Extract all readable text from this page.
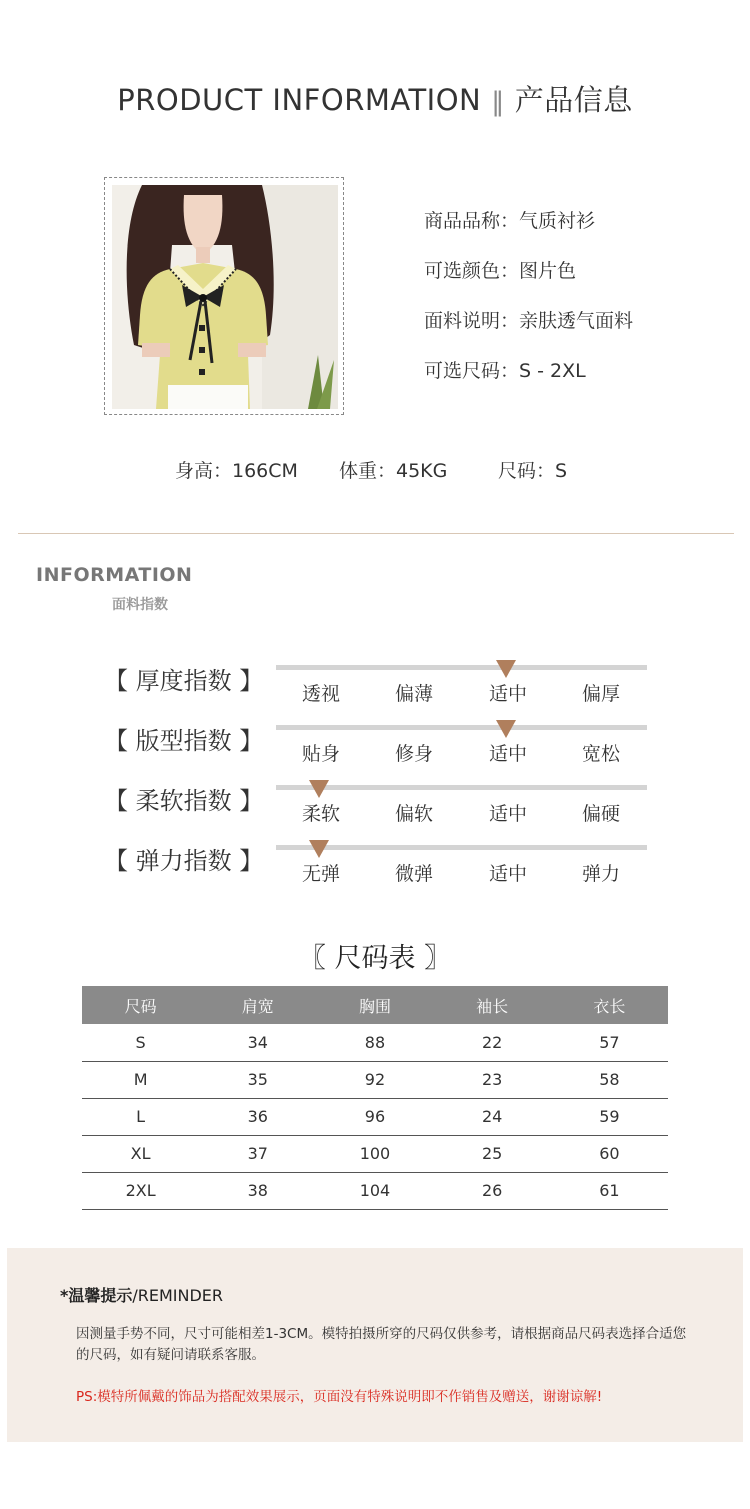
PRODUCT INFORMATION ‖ 产品信息
商品品称：气质衬衫
可选颜色：图片色
面料说明：亲肤透气面料
可选尺码：S - 2XL
身高：166CM 体重：45KG	尺码：S
INFORMATION
面料指数
【 厚度指数 】 透视	偏薄	适中	偏厚
【 版型指数 】 贴身	修身	适中	宽松
【 柔软指数 】 柔软	偏软	适中	偏硬
【 弹力指数 】 无弹	微弹	适中	弹力
〖 尺码表 〗
尺码	肩宽	胸围	袖长	衣长
S	34	88	22	57
M	35	92	23	58
L	36	96	24	59
XL	37	100	25	60
2XL	38	104	26	61
*温馨提示/REMINDER
因测量手势不同，尺寸可能相差1-3CM。模特拍摄所穿的尺码仅供参考，请根据商品尺码表选择合适您的尺码，如有疑问请联系客服。
PS:模特所佩戴的饰品为搭配效果展示，页面没有特殊说明即不作销售及赠送，谢谢谅解!
